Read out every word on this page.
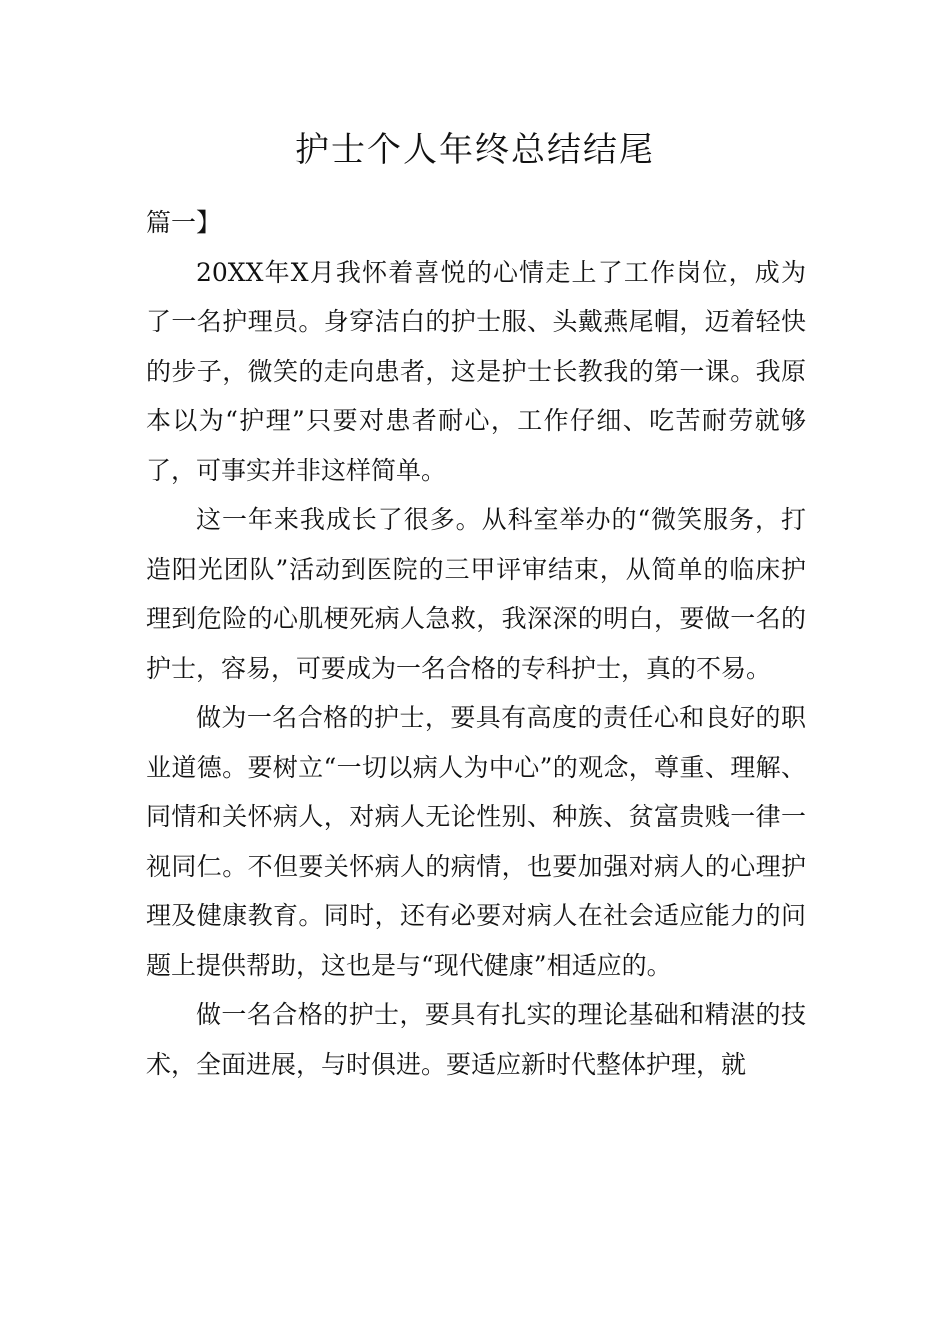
护士个人年终总结结尾

篇一】

20XX年X月我怀着喜悦的心情走上了工作岗位，成为了一名护理员。身穿洁白的护士服、头戴燕尾帽，迈着轻快的步子，微笑的走向患者，这是护士长教我的第一课。我原本以为“护理”只要对患者耐心，工作仔细、吃苦耐劳就够了，可事实并非这样简单。

这一年来我成长了很多。从科室举办的“微笑服务，打造阳光团队”活动到医院的三甲评审结束，从简单的临床护理到危险的心肌梗死病人急救，我深深的明白，要做一名的护士，容易，可要成为一名合格的专科护士，真的不易。

做为一名合格的护士，要具有高度的责任心和良好的职业道德。要树立“一切以病人为中心”的观念，尊重、理解、同情和关怀病人，对病人无论性别、种族、贫富贵贱一律一视同仁。不但要关怀病人的病情，也要加强对病人的心理护理及健康教育。同时，还有必要对病人在社会适应能力的问题上提供帮助，这也是与“现代健康”相适应的。

做一名合格的护士，要具有扎实的理论基础和精湛的技术，全面进展，与时俱进。要适应新时代整体护理，就
